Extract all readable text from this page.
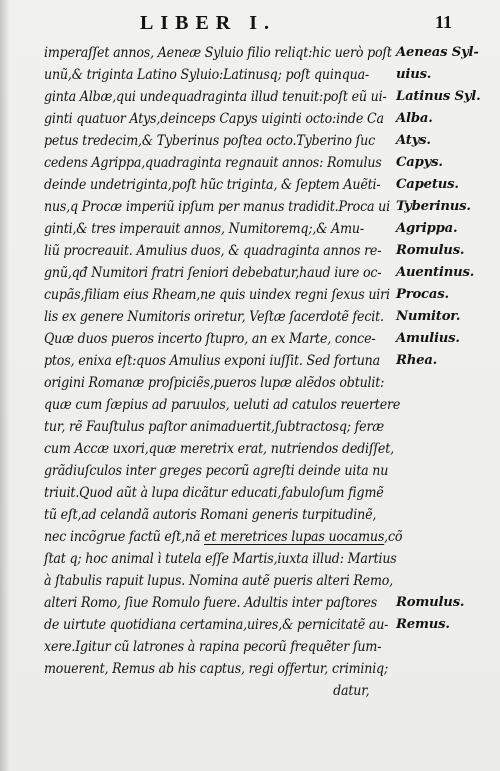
LIBER I.	11
imperaſſet annos, Aeneæ Syluio filio reliqt:hic uerò poſt
unũ,& triginta Latino Syluio:Latinusq; poſt quinqua-
ginta Albæ,qui undequadraginta illud tenuit:poſt eũ ui-
ginti quatuor Atys,deinceps Capys uiginti octo:inde Ca
petus tredecim,& Tyberinus poſtea octo.Tyberino ſuc
cedens Agrippa,quadraginta regnauit annos: Romulus
deinde undetriginta,poſt hũc triginta, & ſeptem Auẽti-
nus,q Procæ imperiũ ipſum per manus tradidit.Proca ui
ginti,& tres imperauit annos, Numitoremq;,& Amu-
liũ procreauit. Amulius duos, & quadraginta annos re-
gnũ,qđ Numitori fratri ſeniori debebatur,haud iure oc-
cupãs,filiam eius Rheam,ne quis uindex regni ſexus uiri
lis ex genere Numitoris oriretur, Veſtæ ſacerdotẽ fecit.
Quæ duos pueros incerto ſtupro, an ex Marte, conce-
ptos, enixa eſt:quos Amulius exponi iuſſit. Sed fortuna
origini Romanæ proſpiciẽs,pueros lupæ alẽdos obtulit:
quæ cum ſæpius ad paruulos, ueluti ad catulos reuertere
tur, rẽ Fauſtulus paſtor animaduertit,ſubtractosq; feræ
cum Accæ uxori,quæ meretrix erat, nutriendos dediſſet,
grãdiuſculos inter greges pecorũ agreſti deinde uita nu
triuit.Quod aũt à lupa dicãtur educati,fabuloſum figmẽ
tũ eſt,ad celandã autoris Romani generis turpitudinẽ,
nec incõgrue factũ eſt,nã et meretrices lupas uocamus,cõ
ſtat q; hoc animal ì tutela eſſe Martis,iuxta illud: Martius
à ſtabulis rapuit lupus. Nomina autẽ pueris alteri Remo,
alteri Romo, ſiue Romulo fuere. Adultis inter paſtores
de uirtute quotidiana certamina,uires,& pernicitatẽ au-
xere.Igitur cũ latrones à rapina pecorũ frequẽter ſum-
mouerent, Remus ab his captus, regi offertur, criminiq;
datur,
Aeneas Syl-
uius.
Latinus Syl.
Alba.
Atys.
Capys.
Capetus.
Tyberinus.
Agrippa.
Romulus.
Auentinus.
Procas.
Numitor.
Amulius.
Rhea.
Romulus.
Remus.
